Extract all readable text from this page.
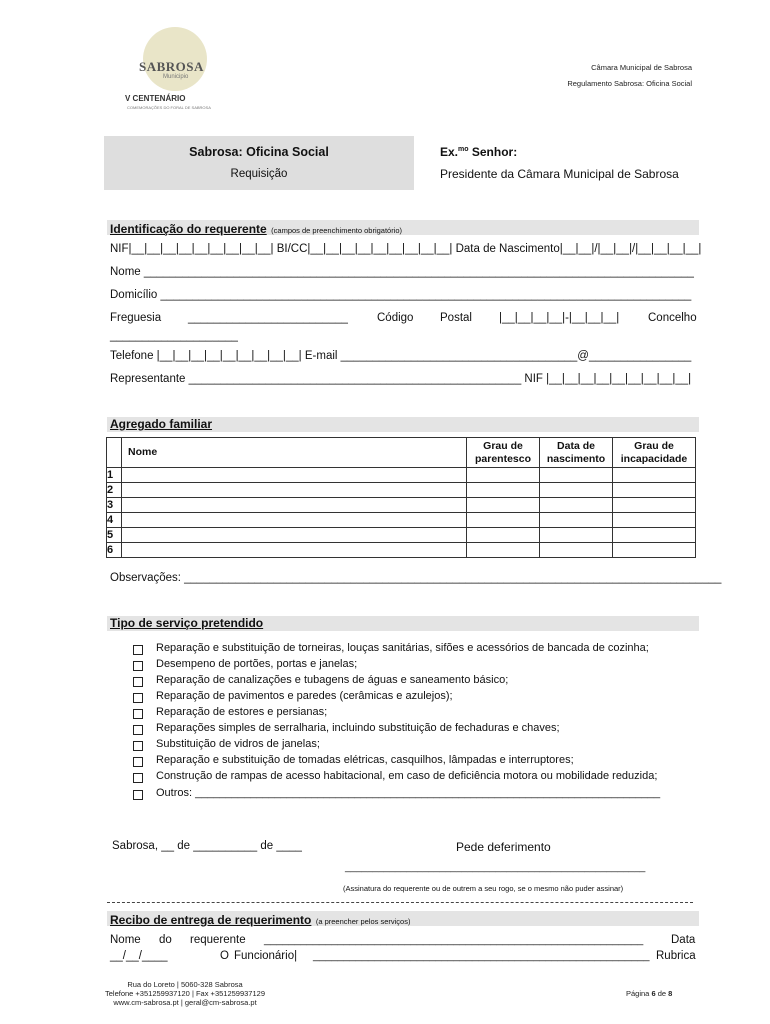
SABROSA
Municipio
V CENTENÁRIO
COMEMORAÇÕES DO FORAL DE SABROSA
Câmara Municipal de Sabrosa
Regulamento Sabrosa: Oficina Social
Sabrosa: Oficina Social
Requisição
Ex.$^{mo}$ Senhor:
Presidente da Câmara Municipal de Sabrosa
Identificação do requerente (campos de preenchimento obrigatório)
NIF|__|__|__|__|__|__|__|__|__| BI/CC|__|__|__|__|__|__|__|__|__| Data de Nascimento|__|__|/|__|__|/|__|__|__|__|
Nome ______________________________________________________________________________________
Domicílio ___________________________________________________________________________________
Freguesia _________________________	Código Postal |__|__|__|__|-|__|__|__| Concelho
____________________
Telefone |__|__|__|__|__|__|__|__|__| E-mail _____________________________________@________________
Representante ____________________________________________________ NIF |__|__|__|__|__|__|__|__|__|
Agregado familiar
	Nome	Grau de parentesco	Data de nascimento	Grau de incapacidade
1				
2				
3				
4				
5				
6				
Observações: ____________________________________________________________________________________
Tipo de serviço pretendido
Reparação e substituição de torneiras, louças sanitárias, sifões e acessórios de bancada de cozinha;
Desempeno de portões, portas e janelas;
Reparação de canalizações e tubagens de águas e saneamento básico;
Reparação de pavimentos e paredes (cerâmicas e azulejos);
Reparação de estores e persianas;
Reparações simples de serralharia, incluindo substituição de fechaduras e chaves;
Substituição de vidros de janelas;
Reparação e substituição de tomadas elétricas, casquilhos, lâmpadas e interruptores;
Construção de rampas de acesso habitacional, em caso de deficiência motora ou mobilidade reduzida;
Outros: ____________________________________________________________________________
Sabrosa, __ de __________ de ____	Pede deferimento
______________________________________________________
(Assinatura do requerente ou de outrem a seu rogo, se o mesmo não puder assinar)
Recibo de entrega de requerimento (a preencher pelos serviços)
Nome do requerente ______________________________________________________________ Data
__/__/____	O Funcionário| _______________________________________________________ Rubrica
Rua do Loreto | 5060-328 Sabrosa
Telefone +351259937120 | Fax +351259937129
www.cm-sabrosa.pt | geral@cm-sabrosa.pt
Página 6 de 8
